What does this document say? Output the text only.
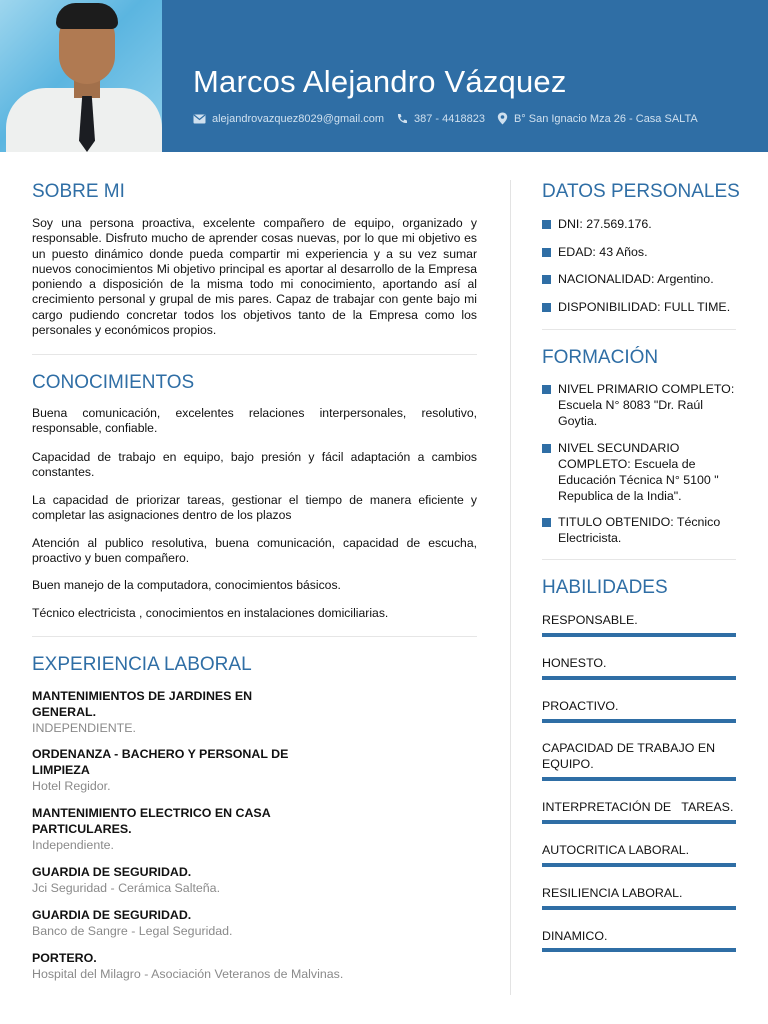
Marcos Alejandro Vázquez
alejandrovazquez8029@gmail.com	387 - 4418823	B° San Ignacio Mza 26 - Casa SALTA
SOBRE MI
Soy una persona proactiva, excelente compañero de equipo, organizado y responsable. Disfruto mucho de aprender cosas nuevas, por lo que mi objetivo es un puesto dinámico donde pueda compartir mi experiencia y a su vez sumar nuevos conocimientos Mi objetivo principal es aportar al desarrollo de la Empresa poniendo a disposición de la misma todo mi conocimiento, aportando así al crecimiento personal y grupal de mis pares. Capaz de trabajar con gente bajo mi cargo pudiendo concretar todos los objetivos tanto de la Empresa como los personales y económicos propios.
CONOCIMIENTOS
Buena comunicación, excelentes relaciones interpersonales, resolutivo, responsable, confiable.
Capacidad de trabajo en equipo, bajo presión y fácil adaptación a cambios constantes.
La capacidad de priorizar tareas, gestionar el tiempo de manera eficiente y completar las asignaciones dentro de los plazos
Atención al publico resolutiva, buena comunicación, capacidad de escucha, proactivo y buen compañero.
Buen manejo de la computadora, conocimientos básicos.
Técnico electricista , conocimientos en instalaciones domiciliarias.
EXPERIENCIA LABORAL
MANTENIMIENTOS DE JARDINES EN GENERAL.
INDEPENDIENTE.
ORDENANZA - BACHERO Y PERSONAL DE LIMPIEZA
Hotel Regidor.
MANTENIMIENTO ELECTRICO EN CASA PARTICULARES.
Independiente.
GUARDIA DE SEGURIDAD.
Jci Seguridad - Cerámica Salteña.
GUARDIA DE SEGURIDAD.
Banco de Sangre - Legal Seguridad.
PORTERO.
Hospital del Milagro - Asociación Veteranos de Malvinas.
DATOS PERSONALES
DNI: 27.569.176.
EDAD: 43 Años.
NACIONALIDAD: Argentino.
DISPONIBILIDAD: FULL TIME.
FORMACIÓN
NIVEL PRIMARIO COMPLETO: Escuela N° 8083 "Dr. Raúl Goytia.
NIVEL SECUNDARIO COMPLETO: Escuela de Educación Técnica N° 5100 " Republica de la India".
TITULO OBTENIDO: Técnico Electricista.
HABILIDADES
RESPONSABLE.
HONESTO.
PROACTIVO.
CAPACIDAD DE TRABAJO EN EQUIPO.
INTERPRETACIÓN DE   TAREAS.
AUTOCRITICA LABORAL.
RESILIENCIA LABORAL.
DINAMICO.
